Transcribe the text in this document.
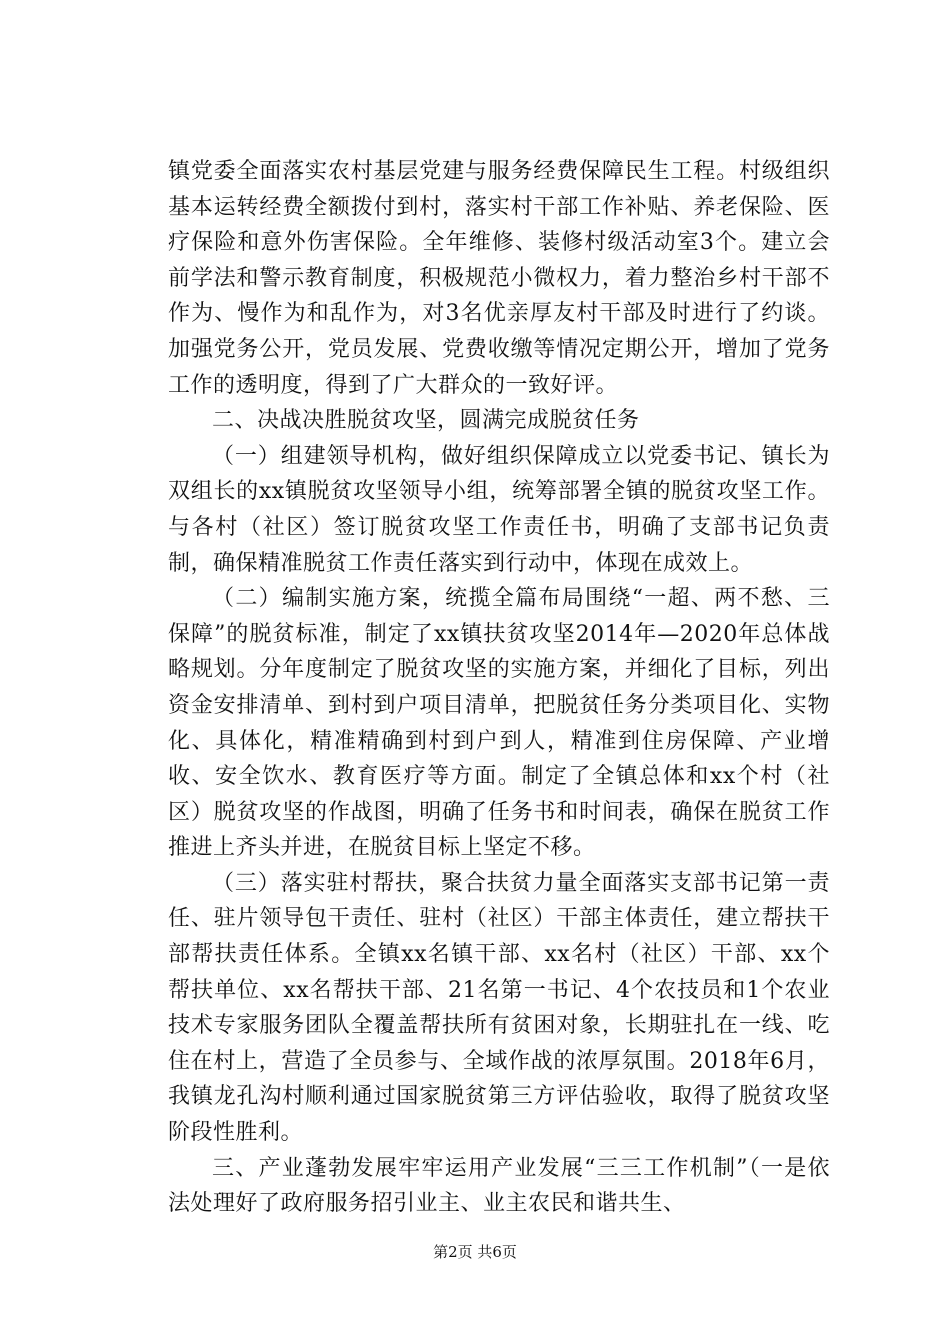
镇党委全面落实农村基层党建与服务经费保障民生工程。村级组织基本运转经费全额拨付到村，落实村干部工作补贴、养老保险、医疗保险和意外伤害保险。全年维修、装修村级活动室3个。建立会前学法和警示教育制度，积极规范小微权力，着力整治乡村干部不作为、慢作为和乱作为，对3名优亲厚友村干部及时进行了约谈。加强党务公开，党员发展、党费收缴等情况定期公开，增加了党务工作的透明度，得到了广大群众的一致好评。

二、决战决胜脱贫攻坚，圆满完成脱贫任务

（一）组建领导机构，做好组织保障成立以党委书记、镇长为双组长的xx镇脱贫攻坚领导小组，统筹部署全镇的脱贫攻坚工作。与各村（社区）签订脱贫攻坚工作责任书，明确了支部书记负责制，确保精准脱贫工作责任落实到行动中，体现在成效上。

（二）编制实施方案，统揽全篇布局围绕“一超、两不愁、三保障”的脱贫标准，制定了xx镇扶贫攻坚2014年—2020年总体战略规划。分年度制定了脱贫攻坚的实施方案，并细化了目标，列出资金安排清单、到村到户项目清单，把脱贫任务分类项目化、实物化、具体化，精准精确到村到户到人，精准到住房保障、产业增收、安全饮水、教育医疗等方面。制定了全镇总体和xx个村（社区）脱贫攻坚的作战图，明确了任务书和时间表，确保在脱贫工作推进上齐头并进，在脱贫目标上坚定不移。

（三）落实驻村帮扶，聚合扶贫力量全面落实支部书记第一责任、驻片领导包干责任、驻村（社区）干部主体责任，建立帮扶干部帮扶责任体系。全镇xx名镇干部、xx名村（社区）干部、xx个帮扶单位、xx名帮扶干部、21名第一书记、4个农技员和1个农业技术专家服务团队全覆盖帮扶所有贫困对象，长期驻扎在一线、吃住在村上，营造了全员参与、全域作战的浓厚氛围。2018年6月，我镇龙孔沟村顺利通过国家脱贫第三方评估验收，取得了脱贫攻坚阶段性胜利。

三、产业蓬勃发展牢牢运用产业发展“三三工作机制”（一是依法处理好了政府服务招引业主、业主农民和谐共生、

第2页 共6页
